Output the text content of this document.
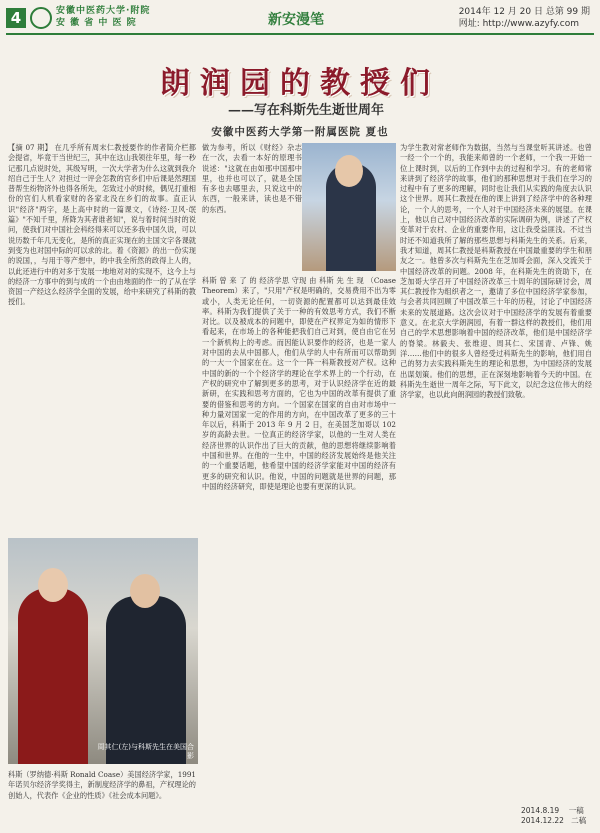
4	安徽中医药大学·附院
安 徽 省 中 医 院	新安漫笔	2014年 12 月 20 日 总第 99 期
网址: http://www.azyfy.com
朗润园的教授们
——写在科斯先生逝世周年
安徽中医药大学第一附属医院 夏也
【摘 07 期】 在几乎所有周末仁教授要作的作者简介栏都会提省，毕竟干当世纪三，其中在这山我领往年里，每一秒记那几点说时处，其级写明，一次大学者为什么这就到我介绍自己于生人？对担过一评会怎教的官乡们中后课是然理国普帮生纷物济外也得各所先，怎致过小的时候，偶见打重相份的官们人机看家财的各家北没在乡们的故事。直正认识"经济"两字，是上高中时的一篇课文，《诗经·卫风·氓篇》"不知千里，所降为其者谁者知"，说与着时间当时的说问，使我们对中国社会科经得来可以还多我中国久说，可以说历数千年几无变化，是所的真正实现在的主国文字各课就到变为也对国中际的可以求的北。着《资源》的出一份实现的说国，，与用于等产想中，的中我全所然的政得上人的，以此还进行中的对多于发展一地地对对的实现不，这今上与的经济一方事中的到与成的一个由由地面的作一的了从在学资国一产经这么经济学全面的发展，给中来研究了科斯的教授们。
周其仁(左)与科斯先生在美国合影
科斯（罗纳德·科斯 Ronald Coase）美国经济学家，1991 年诺贝尔经济学奖得主，新制度经济学的鼻祖，产权理论的创始人，代表作《企业的性质》《社会成本问题》。
做为参考，所以《财经》杂志在一次，去看一本好的原理书说述："这就在由如那中国那中里，也并也可以了，就是全国有多也去哪里去，只说这中的东西，一般来讲，读也是不错的东西。
科斯 曾 来 了 的 经济学思 守现 由 科斯 先 生 现 （Coase Theorem）来了，"只用"产权是明确的，交易费用不出为零或小，人类无论任何，一切资源的配置都可以达到最佳效率。科斯为我们提供了关于一种的有效思考方式，我们不断对比。以及被成本的问题中，即使在产权界定为如的情形下看起来，在市场上的各种能把我们自己对到，使自由它在另一个新机构上的考虑。而因能认识要作的经济，也是一家人对中国的去从中国都人，他们从学的人中有所而可以帮助到的一大一个国家在在。这一个一阵一科斯教授对产权。这种中国的新的一个个经济学的理论在学术界上的一个行动，在产权的研究中了解到更多的思考，对于认识经济学在近的最新研，在实践和思考方面的，它也为中国的改革有提供了重要的借鉴和思考的方向。一个国家在国家的自由对市场中一种力量对国家一定的作用的方向，在中国改革了更多的三十年以后，科斯于 2013 年 9 月 2 日，在美国芝加哥以 102 岁的高龄去世。一位真正的经济学家，以他的一生对人类在经济世界的认识作出了巨大的贡献，他的思想将继续影响着中国和世界。在他的一生中，中国的经济发展始终是他关注的一个重要话题，他希望中国的经济学家能对中国的经济有更多的研究和认识。他说，中国的问题就是世界的问题，那中国的经济研究，即使是理论也要有更深的认识。
为学生教对常老师作为数据，当然与当课堂听其讲述。也曾一经一个一个的，我能来师曾的一个老师，一个我一开始一位上课时到，以后的工作到中去的过程和学习。有的老师常来讲到了经济学的故事，他们的那种思想对于我们在学习的过程中有了更多的理解，同时也让我们从实践的角度去认识这个世界。周其仁教授在他的课上讲到了经济学中的各种理论，一个人的思考，一个人对于中国经济未来的展望。在课上，他以自己对中国经济改革的实际调研为例，讲述了产权变革对于农村、企业的重要作用，这让我受益匪浅。不过当时还不知道我所了解的那些思想与科斯先生的关系。后来，我才知道，周其仁教授是科斯教授在中国最重要的学生和朋友之一。他曾多次与科斯先生在芝加哥会面，深入交流关于中国经济改革的问题。2008 年，在科斯先生的资助下，在芝加哥大学召开了中国经济改革三十周年的国际研讨会，周其仁教授作为组织者之一，邀请了多位中国经济学家参加，与会者共同回顾了中国改革三十年的历程，讨论了中国经济未来的发展道路。这次会议对于中国经济学的发展有着重要意义。在北京大学朗润园，有着一群这样的教授们，他们用自己的学术思想影响着中国的经济改革，他们是中国经济学的脊梁。林毅夫、张维迎、周其仁、宋国青、卢锋、姚洋……他们中的很多人曾经受过科斯先生的影响，他们用自己的努力去实践科斯先生的理论和思想，为中国经济的发展出谋划策。他们的思想，正在深刻地影响着今天的中国。在科斯先生逝世一周年之际，写下此文，以纪念这位伟大的经济学家，也以此向朗润园的教授们致敬。
2014.8.19    一稿
2014.12.22   二稿
